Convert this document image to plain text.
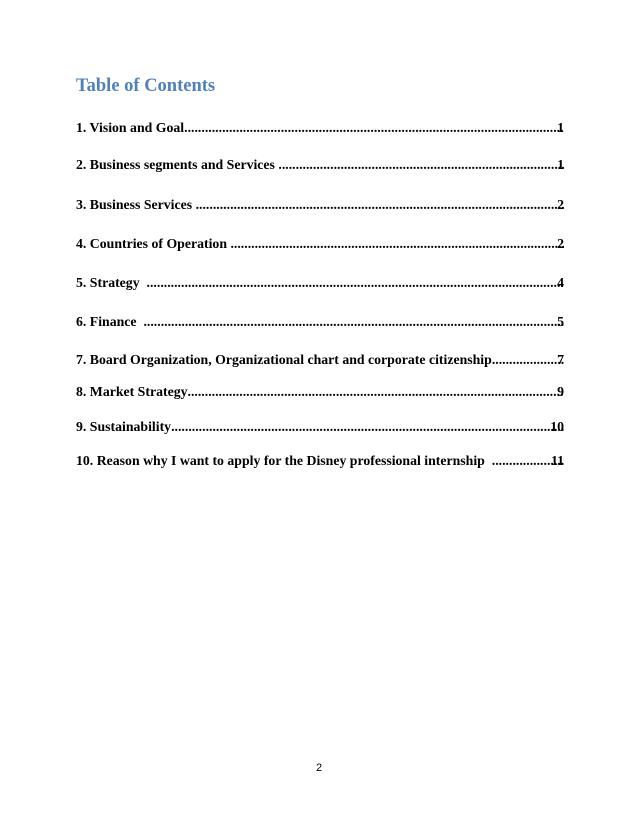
Table of Contents
1
1. Vision and Goal
.....
1
2. Business segments and Services
.....
2
3. Business Services
.....
2
4. Countries of Operation
.....
4
5. Strategy
.....
5
6. Finance
.....
7
7. Board Organization, Organizational chart and corporate citizenship
.....
9
8. Market Strategy
.....
10
9. Sustainability
.....
11
10. Reason why I want to apply for the Disney professional internship
.....
2
